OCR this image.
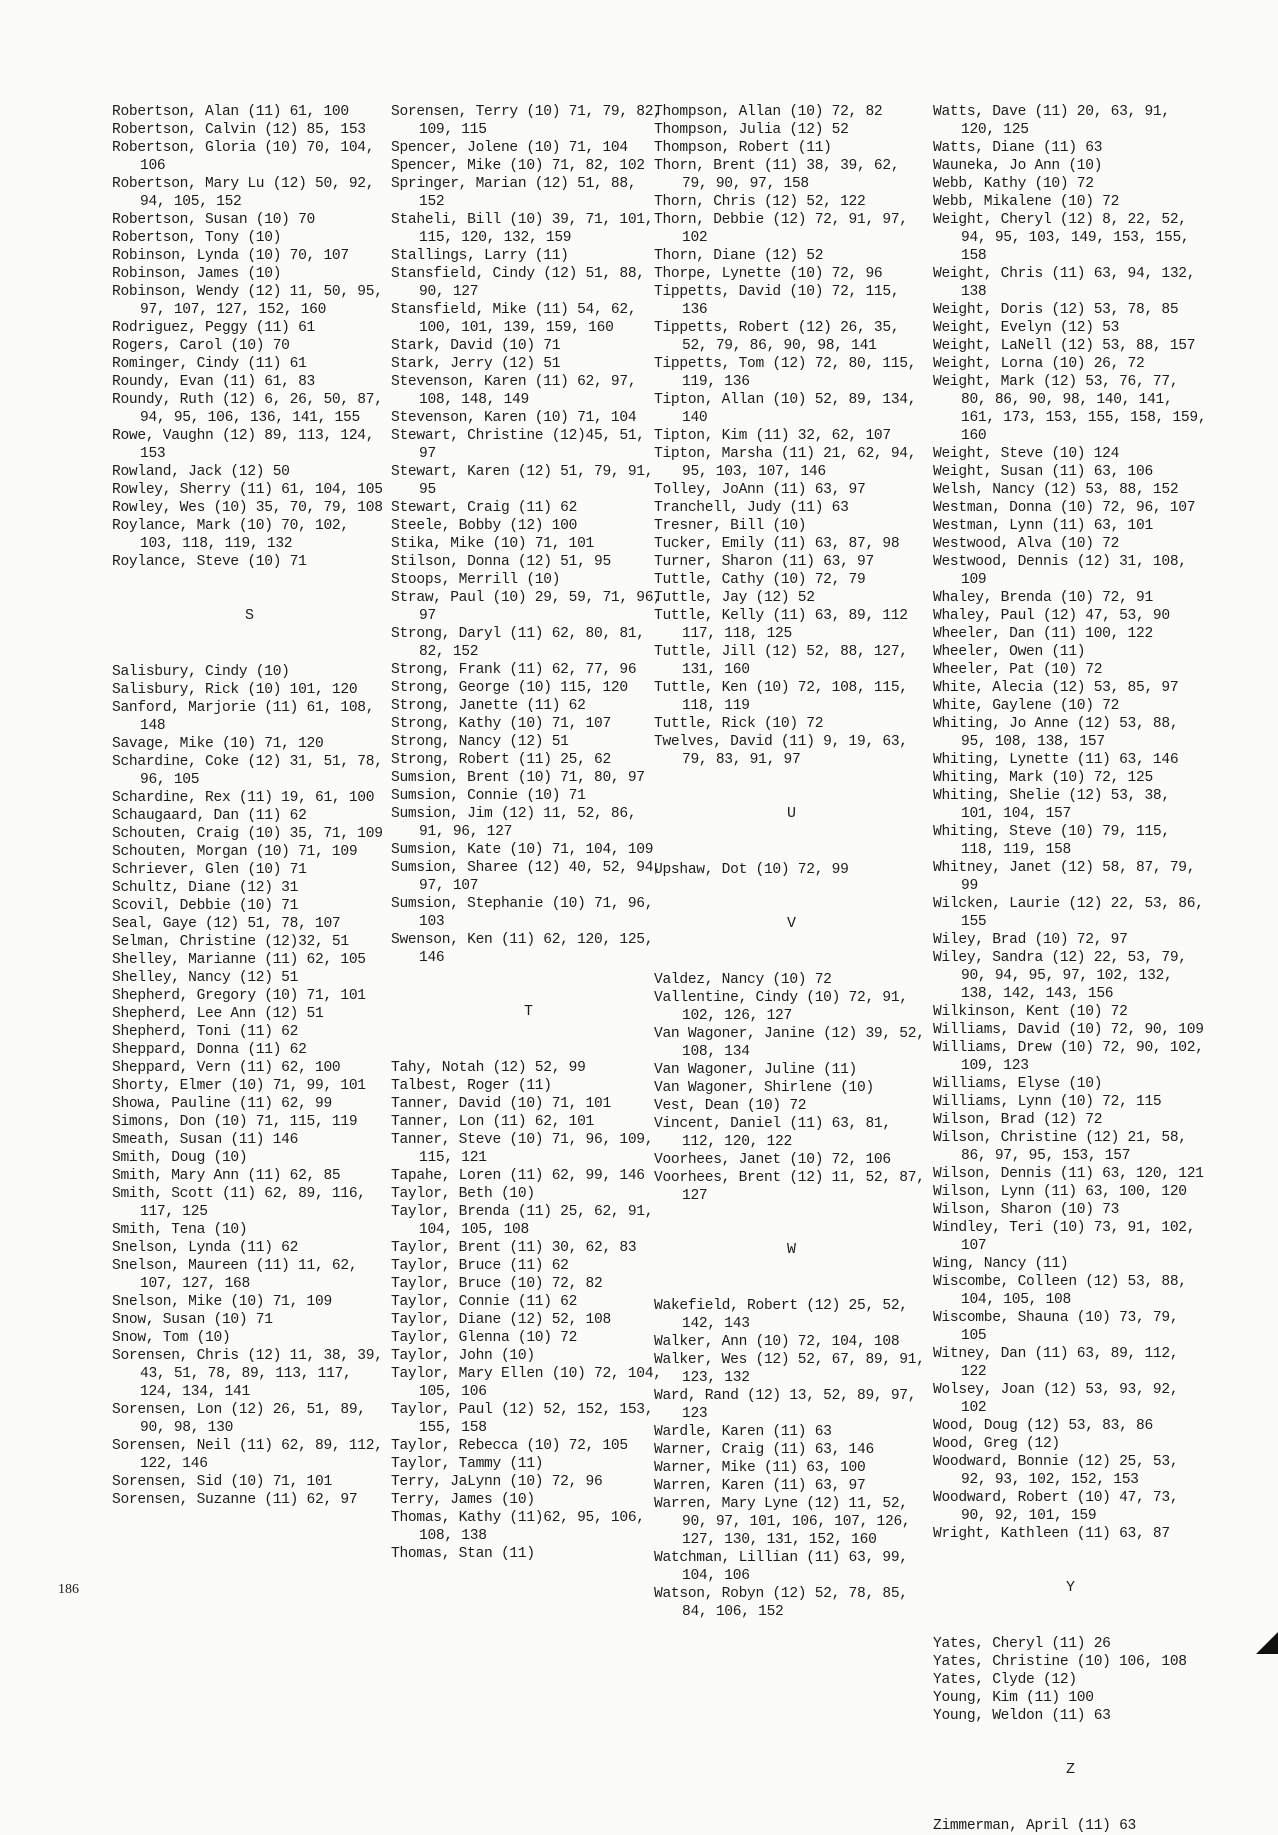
Robertson, Alan (11) 61, 100
Robertson, Calvin (12) 85, 153
Robertson, Gloria (10) 70, 104, 106
Robertson, Mary Lu (12) 50, 92, 94, 105, 152
Robertson, Susan (10) 70
Robertson, Tony (10)
Robinson, Lynda (10) 70, 107
Robinson, James (10)
Robinson, Wendy (12) 11, 50, 95, 97, 107, 127, 152, 160
Rodriguez, Peggy (11) 61
Rogers, Carol (10) 70
Rominger, Cindy (11) 61
Roundy, Evan (11) 61, 83
Roundy, Ruth (12) 6, 26, 50, 87, 94, 95, 106, 136, 141, 155
Rowe, Vaughn (12) 89, 113, 124, 153
Rowland, Jack (12) 50
Rowley, Sherry (11) 61, 104, 105
Rowley, Wes (10) 35, 70, 79, 108
Roylance, Mark (10) 70, 102, 103, 118, 119, 132
Roylance, Steve (10) 71
S
Salisbury, Cindy (10)
Salisbury, Rick (10) 101, 120
Sanford, Marjorie (11) 61, 108, 148
Savage, Mike (10) 71, 120
Schardine, Coke (12) 31, 51, 78, 96, 105
Schardine, Rex (11) 19, 61, 100
Schaugaard, Dan (11) 62
Schouten, Craig (10) 35, 71, 109
Schouten, Morgan (10) 71, 109
Schriever, Glen (10) 71
Schultz, Diane (12) 31
Scovil, Debbie (10) 71
Seal, Gaye (12) 51, 78, 107
Selman, Christine (12)32, 51
Shelley, Marianne (11) 62, 105
Shelley, Nancy (12) 51
Shepherd, Gregory (10) 71, 101
Shepherd, Lee Ann (12) 51
Shepherd, Toni (11) 62
Sheppard, Donna (11) 62
Sheppard, Vern (11) 62, 100
Shorty, Elmer (10) 71, 99, 101
Showa, Pauline (11) 62, 99
Simons, Don (10) 71, 115, 119
Smeath, Susan (11) 146
Smith, Doug (10)
Smith, Mary Ann (11) 62, 85
Smith, Scott (11) 62, 89, 116, 117, 125
Smith, Tena (10)
Snelson, Lynda (11) 62
Snelson, Maureen (11) 11, 62, 107, 127, 168
Snelson, Mike (10) 71, 109
Snow, Susan (10) 71
Snow, Tom (10)
Sorensen, Chris (12) 11, 38, 39, 43, 51, 78, 89, 113, 117, 124, 134, 141
Sorensen, Lon (12) 26, 51, 89, 90, 98, 130
Sorensen, Neil (11) 62, 89, 112, 122, 146
Sorensen, Sid (10) 71, 101
Sorensen, Suzanne (11) 62, 97
Sorensen, Terry (10) 71, 79, 82, 109, 115
Spencer, Jolene (10) 71, 104
Spencer, Mike (10) 71, 82, 102
Springer, Marian (12) 51, 88, 152
Staheli, Bill (10) 39, 71, 101, 115, 120, 132, 159
Stallings, Larry (11)
Stansfield, Cindy (12) 51, 88, 90, 127
Stansfield, Mike (11) 54, 62, 100, 101, 139, 159, 160
Stark, David (10) 71
Stark, Jerry (12) 51
Stevenson, Karen (11) 62, 97, 108, 148, 149
Stevenson, Karen (10) 71, 104
Stewart, Christine (12)45, 51, 97
Stewart, Karen (12) 51, 79, 91, 95
Stewart, Craig (11) 62
Steele, Bobby (12) 100
Stika, Mike (10) 71, 101
Stilson, Donna (12) 51, 95
Stoops, Merrill (10)
Straw, Paul (10) 29, 59, 71, 96, 97
Strong, Daryl (11) 62, 80, 81, 82, 152
Strong, Frank (11) 62, 77, 96
Strong, George (10) 115, 120
Strong, Janette (11) 62
Strong, Kathy (10) 71, 107
Strong, Nancy (12) 51
Strong, Robert (11) 25, 62
Sumsion, Brent (10) 71, 80, 97
Sumsion, Connie (10) 71
Sumsion, Jim (12) 11, 52, 86, 91, 96, 127
Sumsion, Kate (10) 71, 104, 109
Sumsion, Sharee (12) 40, 52, 94, 97, 107
Sumsion, Stephanie (10) 71, 96, 103
Swenson, Ken (11) 62, 120, 125, 146
T
Tahy, Notah (12) 52, 99
Talbest, Roger (11)
Tanner, David (10) 71, 101
Tanner, Lon (11) 62, 101
Tanner, Steve (10) 71, 96, 109, 115, 121
Tapahe, Loren (11) 62, 99, 146
Taylor, Beth (10)
Taylor, Brenda (11) 25, 62, 91, 104, 105, 108
Taylor, Brent (11) 30, 62, 83
Taylor, Bruce (11) 62
Taylor, Bruce (10) 72, 82
Taylor, Connie (11) 62
Taylor, Diane (12) 52, 108
Taylor, Glenna (10) 72
Taylor, John (10)
Taylor, Mary Ellen (10) 72, 104, 105, 106
Taylor, Paul (12) 52, 152, 153, 155, 158
Taylor, Rebecca (10) 72, 105
Taylor, Tammy (11)
Terry, JaLynn (10) 72, 96
Terry, James (10)
Thomas, Kathy (11)62, 95, 106, 108, 138
Thomas, Stan (11)
Thompson, Allan (10) 72, 82
Thompson, Julia (12) 52
Thompson, Robert (11)
Thorn, Brent (11) 38, 39, 62, 79, 90, 97, 158
Thorn, Chris (12) 52, 122
Thorn, Debbie (12) 72, 91, 97, 102
Thorn, Diane (12) 52
Thorpe, Lynette (10) 72, 96
Tippetts, David (10) 72, 115, 136
Tippetts, Robert (12) 26, 35, 52, 79, 86, 90, 98, 141
Tippetts, Tom (12) 72, 80, 115, 119, 136
Tipton, Allan (10) 52, 89, 134, 140
Tipton, Kim (11) 32, 62, 107
Tipton, Marsha (11) 21, 62, 94, 95, 103, 107, 146
Tolley, JoAnn (11) 63, 97
Tranchell, Judy (11) 63
Tresner, Bill (10)
Tucker, Emily (11) 63, 87, 98
Turner, Sharon (11) 63, 97
Tuttle, Cathy (10) 72, 79
Tuttle, Jay (12) 52
Tuttle, Kelly (11) 63, 89, 112 117, 118, 125
Tuttle, Jill (12) 52, 88, 127, 131, 160
Tuttle, Ken (10) 72, 108, 115, 118, 119
Tuttle, Rick (10) 72
Twelves, David (11) 9, 19, 63, 79, 83, 91, 97
U
Upshaw, Dot (10) 72, 99
V
Valdez, Nancy (10) 72
Vallentine, Cindy (10) 72, 91, 102, 126, 127
Van Wagoner, Janine (12) 39, 52, 108, 134
Van Wagoner, Juline (11)
Van Wagoner, Shirlene (10)
Vest, Dean (10) 72
Vincent, Daniel (11) 63, 81, 112, 120, 122
Voorhees, Janet (10) 72, 106
Voorhees, Brent (12) 11, 52, 87, 127
W
Wakefield, Robert (12) 25, 52, 142, 143
Walker, Ann (10) 72, 104, 108
Walker, Wes (12) 52, 67, 89, 91, 123, 132
Ward, Rand (12) 13, 52, 89, 97, 123
Wardle, Karen (11) 63
Warner, Craig (11) 63, 146
Warner, Mike (11) 63, 100
Warren, Karen (11) 63, 97
Warren, Mary Lyne (12) 11, 52, 90, 97, 101, 106, 107, 126, 127, 130, 131, 152, 160
Watchman, Lillian (11) 63, 99, 104, 106
Watson, Robyn (12) 52, 78, 85, 84, 106, 152
Watts, Dave (11) 20, 63, 91, 120, 125
Watts, Diane (11) 63
Wauneka, Jo Ann (10)
Webb, Kathy (10) 72
Webb, Mikalene (10) 72
Weight, Cheryl (12) 8, 22, 52, 94, 95, 103, 149, 153, 155, 158
Weight, Chris (11) 63, 94, 132, 138
Weight, Doris (12) 53, 78, 85
Weight, Evelyn (12) 53
Weight, LaNell (12) 53, 88, 157
Weight, Lorna (10) 26, 72
Weight, Mark (12) 53, 76, 77, 80, 86, 90, 98, 140, 141, 161, 173, 153, 155, 158, 159, 160
Weight, Steve (10) 124
Weight, Susan (11) 63, 106
Welsh, Nancy (12) 53, 88, 152
Westman, Donna (10) 72, 96, 107
Westman, Lynn (11) 63, 101
Westwood, Alva (10) 72
Westwood, Dennis (12) 31, 108, 109
Whaley, Brenda (10) 72, 91
Whaley, Paul (12) 47, 53, 90
Wheeler, Dan (11) 100, 122
Wheeler, Owen (11)
Wheeler, Pat (10) 72
White, Alecia (12) 53, 85, 97
White, Gaylene (10) 72
Whiting, Jo Anne (12) 53, 88, 95, 108, 138, 157
Whiting, Lynette (11) 63, 146
Whiting, Mark (10) 72, 125
Whiting, Shelie (12) 53, 38, 101, 104, 157
Whiting, Steve (10) 79, 115, 118, 119, 158
Whitney, Janet (12) 58, 87, 79, 99
Wilcken, Laurie (12) 22, 53, 86, 155
Wiley, Brad (10) 72, 97
Wiley, Sandra (12) 22, 53, 79, 90, 94, 95, 97, 102, 132, 138, 142, 143, 156
Wilkinson, Kent (10) 72
Williams, David (10) 72, 90, 109
Williams, Drew (10) 72, 90, 102, 109, 123
Williams, Elyse (10)
Williams, Lynn (10) 72, 115
Wilson, Brad (12) 72
Wilson, Christine (12) 21, 58, 86, 97, 95, 153, 157
Wilson, Dennis (11) 63, 120, 121
Wilson, Lynn (11) 63, 100, 120
Wilson, Sharon (10) 73
Windley, Teri (10) 73, 91, 102, 107
Wing, Nancy (11)
Wiscombe, Colleen (12) 53, 88, 104, 105, 108
Wiscombe, Shauna (10) 73, 79, 105
Witney, Dan (11) 63, 89, 112, 122
Wolsey, Joan (12) 53, 93, 92, 102
Wood, Doug (12) 53, 83, 86
Wood, Greg (12)
Woodward, Bonnie (12) 25, 53, 92, 93, 102, 152, 153
Woodward, Robert (10) 47, 73, 90, 92, 101, 159
Wright, Kathleen (11) 63, 87
Y
Yates, Cheryl (11) 26
Yates, Christine (10) 106, 108
Yates, Clyde (12)
Young, Kim (11) 100
Young, Weldon (11) 63
Z
Zimmerman, April (11) 63
186
